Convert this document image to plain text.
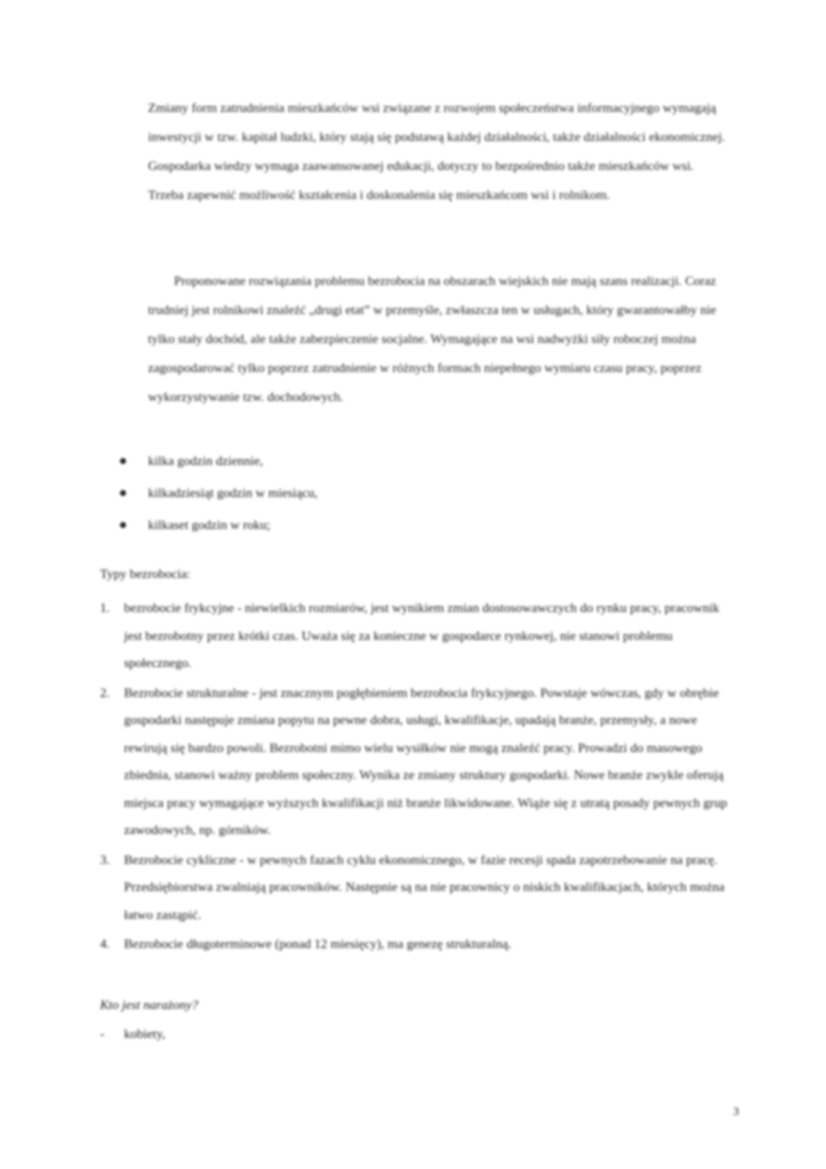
Zmiany form zatrudnienia mieszkańców wsi związane z rozwojem społeczeństwa informacyjnego wymagają inwestycji w tzw. kapitał ludzki, który stają się podstawą każdej działalności, także działalności ekonomicznej. Gospodarka wiedzy wymaga zaawansowanej edukacji, dotyczy to bezpośrednio także mieszkańców wsi. Trzeba zapewnić możliwość kształcenia i doskonalenia się mieszkańcom wsi i rolnikom.

Proponowane rozwiązania problemu bezrobocia na obszarach wiejskich nie mają szans realizacji. Coraz trudniej jest rolnikowi znaleźć „drugi etat” w przemyśle, zwłaszcza ten w usługach, który gwarantowałby nie tylko stały dochód, ale także zabezpieczenie socjalne. Wymagające na wsi nadwyżki siły roboczej można zagospodarować tylko poprzez zatrudnienie w różnych formach niepełnego wymiaru czasu pracy, poprzez wykorzystywanie tzw. dochodowych.

kilka godzin dziennie,
kilkadziesiąt godzin w miesiącu,
kilkaset godzin w roku;
Typy bezrobocia:
1. bezrobocie frykcyjne - niewielkich rozmiarów, jest wynikiem zmian dostosowawczych do rynku pracy, pracownik jest bezrobotny przez krótki czas. Uważa się za konieczne w gospodarce rynkowej, nie stanowi problemu społecznego.
2. Bezrobocie strukturalne - jest znacznym pogłębieniem bezrobocia frykcyjnego. Powstaje wówczas, gdy w obrębie gospodarki następuje zmiana popytu na pewne dobra, usługi, kwalifikacje, upadają branże, przemysły, a nowe rewirują się bardzo powoli. Bezrobotni mimo wielu wysiłków nie mogą znaleźć pracy. Prowadzi do masowego zbiednia, stanowi ważny problem społeczny. Wynika ze zmiany struktury gospodarki. Nowe branże zwykle oferują miejsca pracy wymagające wyższych kwalifikacji niż branże likwidowane. Wiąże się z utratą posady pewnych grup zawodowych, np. górników.
3. Bezrobocie cykliczne - w pewnych fazach cyklu ekonomicznego, w fazie recesji spada zapotrzebowanie na pracę. Przedsiębiorstwa zwalniają pracowników. Następnie są na nie pracownicy o niskich kwalifikacjach, których można łatwo zastąpić.
4. Bezrobocie długoterminowe (ponad 12 miesięcy), ma genezę strukturalną.
Kto jest narażony?
- kobiety,
3
